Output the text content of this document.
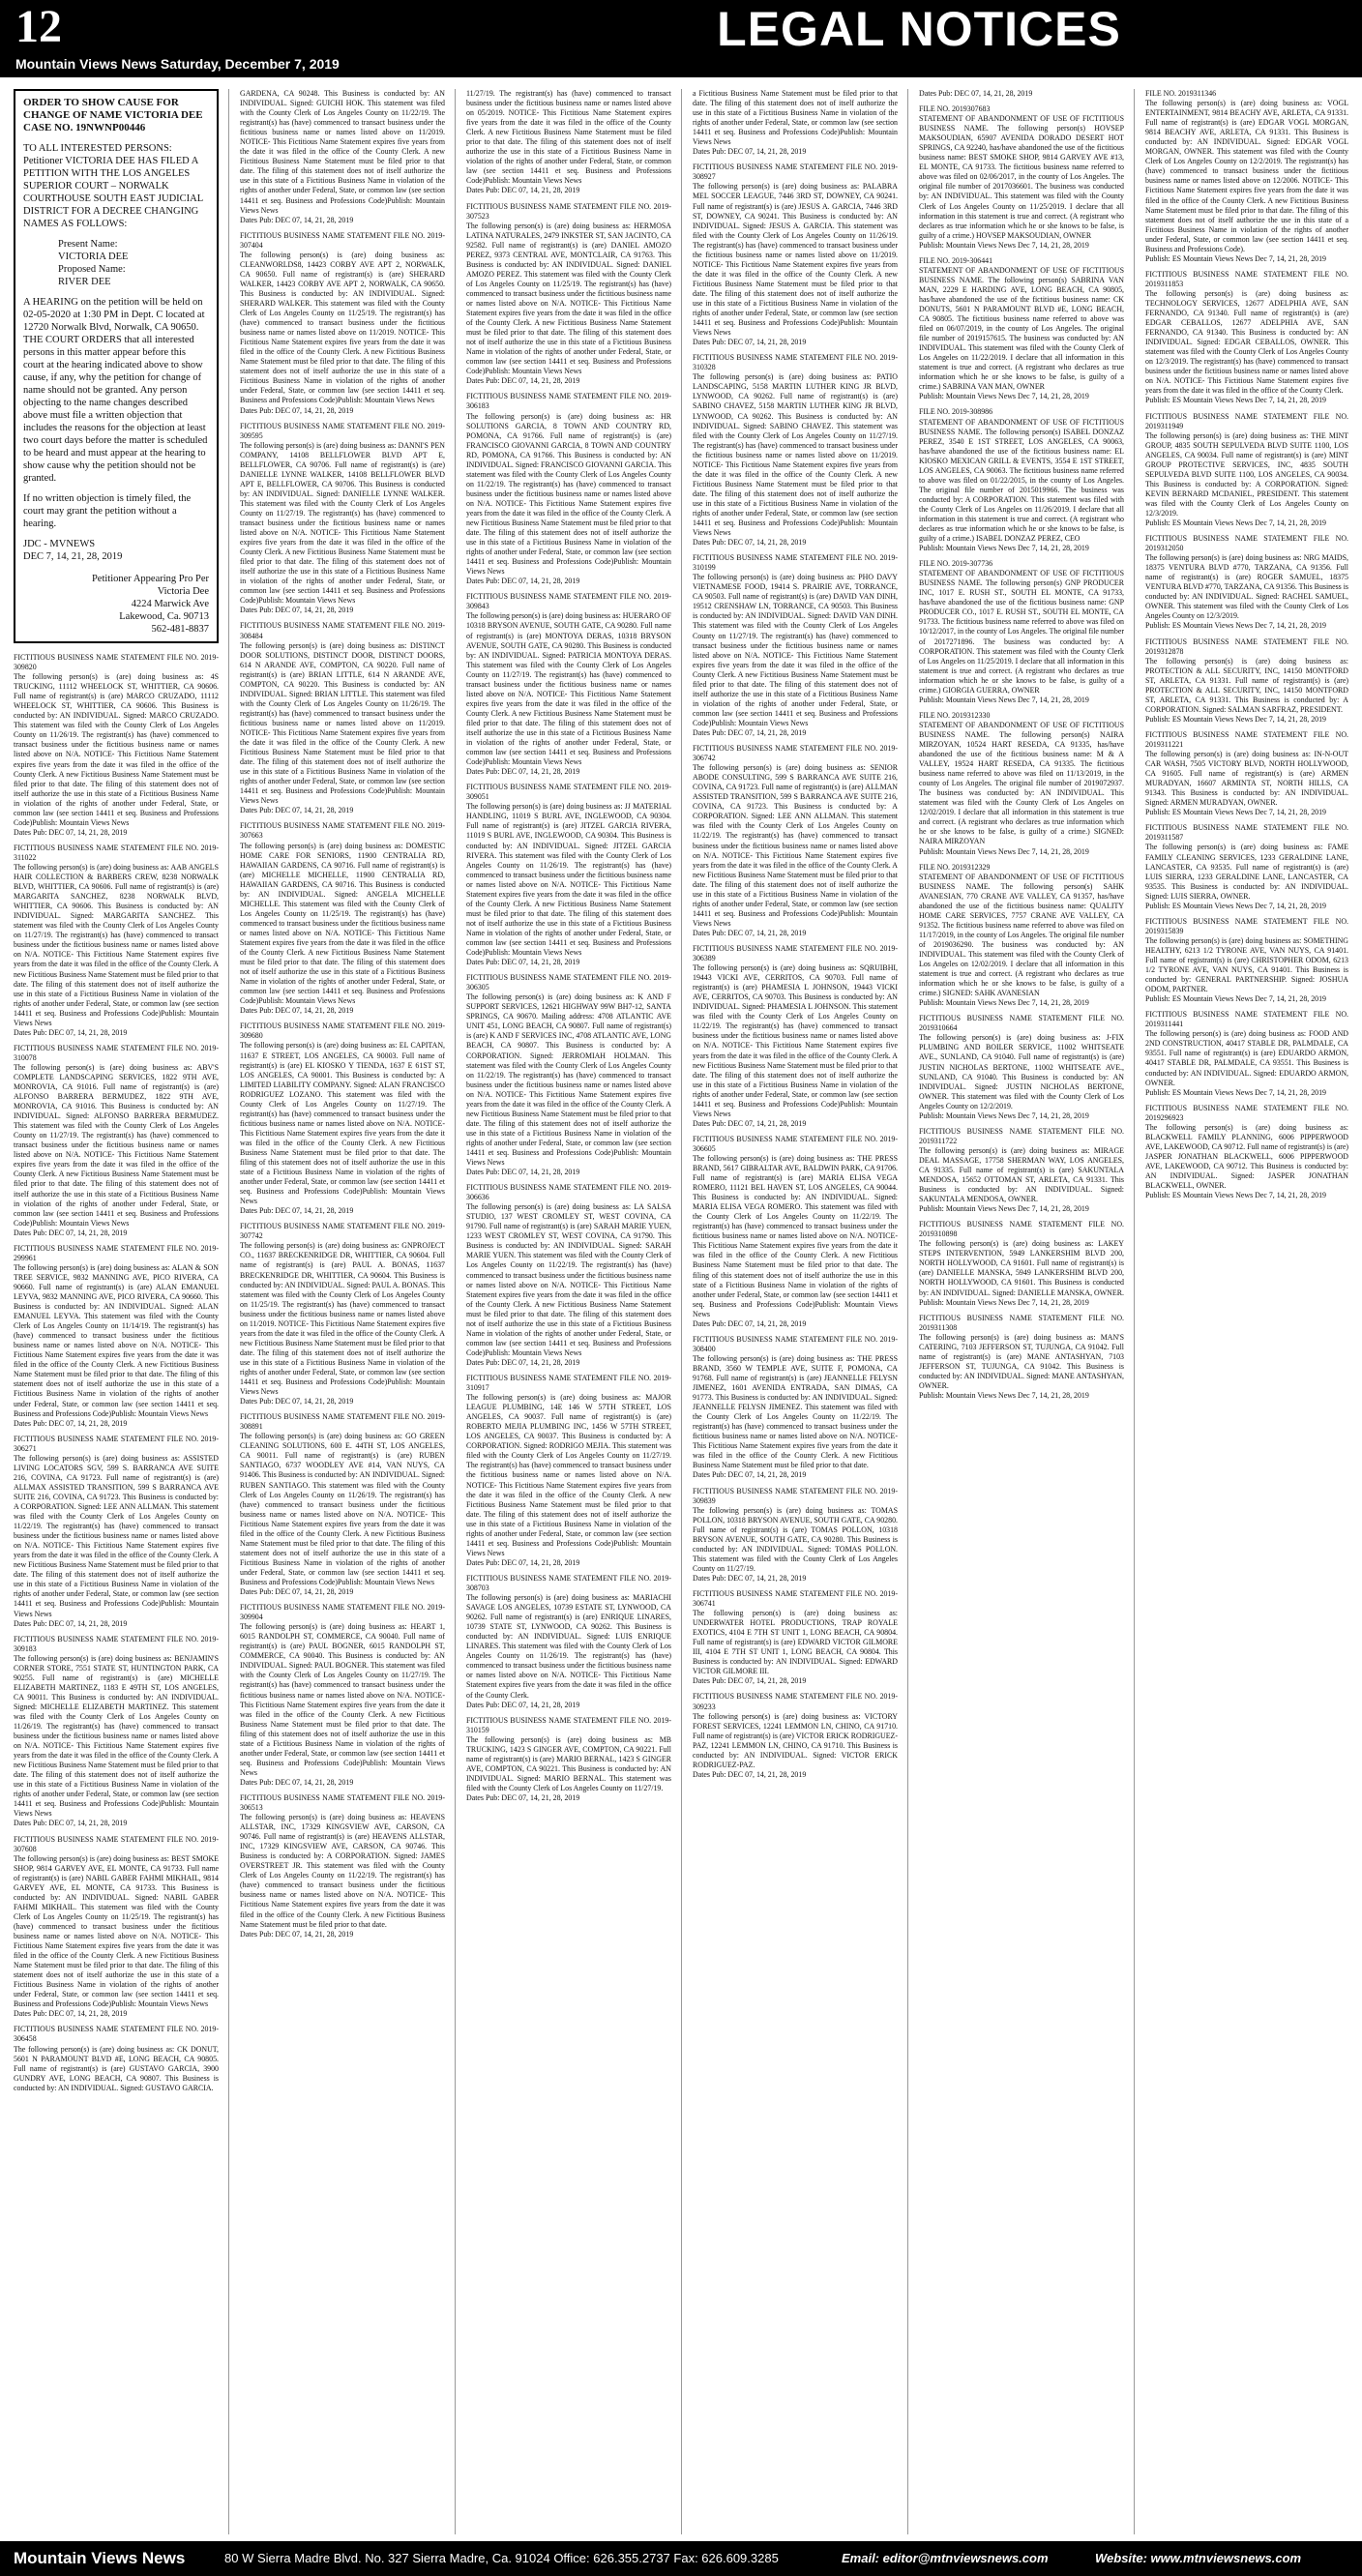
12	LEGAL NOTICES
Mountain Views News Saturday, December 7, 2019
ORDER TO SHOW CAUSE FOR CHANGE OF NAME VICTORIA DEE CASE NO. 19NWNP00446

TO ALL INTERESTED PERSONS: Petitioner VICTORIA DEE HAS FILED A PETITION WITH THE LOS ANGELES SUPERIOR COURT – NORWALK COURTHOUSE SOUTH EAST JUDICIAL DISTRICT FOR A DECREE CHANGING NAMES AS FOLLOWS:

Present Name:
VICTORIA DEE
Proposed Name:
RIVER DEE

A HEARING on the petition will be held on 02-05-2020 at 1:30 PM in Dept. C located at 12720 Norwalk Blvd, Norwalk, CA 90650. THE COURT ORDERS that all interested persons in this matter appear before this court at the hearing indicated above to show cause, if any, why the petition for change of name should not be granted. Any person objecting to the name changes described above must file a written objection that includes the reasons for the objection at least two court days before the matter is scheduled to be heard and must appear at the hearing to show cause why the petition should not be granted.

If no written objection is timely filed, the court may grant the petition without a hearing.

JDC - MVNEWS
DEC 7, 14, 21, 28, 2019
Petitioner Appearing Pro Per
Victoria Dee
4224 Marwick Ave
Lakewood, Ca. 90713
562-481-8837
FICTITIOUS BUSINESS NAME STATEMENT FILE NO. 2019-309820
The following person(s) is (are) doing business as: 4S TRUCKING, 11112 WHEELOCK ST, WHITTIER, CA 90606. Full name of registrant(s) is (are) MARCO CRUZADO, 11112 WHEELOCK ST, WHITTIER, CA 90606. This Business is conducted by: AN INDIVIDUAL. Signed: MARCO CRUZADO. This statement was filed with the County Clerk of Los Angeles County on 11/26/19. The registrant(s) has (have) commenced to transact business under the fictitious business name or names listed above on N/A. NOTICE- This Fictitious Name Statement expires five years from the date it was filed in the office of the County Clerk. A new Fictitious Business Name Statement must be filed prior to that date. The filing of this statement does not of itself authorize the use in this state of a Fictitious Business Name in violation of the rights of another under Federal, State, or common law (see section 14411 et seq. Business and Professions Code)Publish: Mountain Views News
Dates Pub: DEC 07, 14, 21, 28, 2019
FICTITIOUS BUSINESS NAME STATEMENT FILE NO. 2019-311022
The following person(s) is (are) doing business as: AAB ANGELS HAIR COLLECTION & BARBERS CREW, 8238 NORWALK BLVD, WHITTIER, CA 90606. Full name of registrant(s) is (are) MARGARITA SANCHEZ, 8238 NORWALK BLVD, WHITTIER, CA 90606. This Business is conducted by: AN INDIVIDUAL. Signed: MARGARITA SANCHEZ. This statement was filed with the County Clerk of Los Angeles County on 11/27/19. The registrant(s) has (have) commenced to transact business under the fictitious business name or names listed above on N/A. NOTICE- This Fictitious Name Statement expires five years from the date it was filed in the office of the County Clerk. A new Fictitious Business Name Statement must be filed prior to that date. The filing of this statement does not of itself authorize the use in this state of a Fictitious Business Name in violation of the rights of another under Federal, State, or common law (see section 14411 et seq. Business and Professions Code)Publish: Mountain Views News
Dates Pub: DEC 07, 14, 21, 28, 2019
FICTITIOUS BUSINESS NAME STATEMENT FILE NO. 2019-310078
The following person(s) is (are) doing business as: ABV'S COMPLETE LANDSCAPING SERVICES, 1822 9TH AVE, MONROVIA, CA 91016. Full name of registrant(s) is (are) ALFONSO BARRERA BERMUDEZ, 1822 9TH AVE, MONROVIA, CA 91016. This Business is conducted by: AN INDIVIDUAL. Signed: ALFONSO BARRERA BERMUDEZ. This statement was filed with the County Clerk of Los Angeles County on 11/27/19. The registrant(s) has (have) commenced to transact business under the fictitious business name or names listed above on N/A. NOTICE- This Fictitious Name Statement expires five years from the date it was filed in the office of the County Clerk. A new Fictitious Business Name Statement must be filed prior to that date. The filing of this statement does not of itself authorize the use in this state of a Fictitious Business Name in violation of the rights of another under Federal, State, or common law (see section 14411 et seq. Business and Professions Code)Publish: Mountain Views News
Dates Pub: DEC 07, 14, 21, 28, 2019
FICTITIOUS BUSINESS NAME STATEMENT FILE NO. 2019-299961
The following person(s) is (are) doing business as: ALAN & SON TREE SERVICE, 9832 MANNING AVE, PICO RIVERA, CA 90660. Full name of registrant(s) is (are) ALAN EMANUEL LEYVA, 9832 MANNING AVE, PICO RIVERA, CA 90660. This Business is conducted by: AN INDIVIDUAL. Signed: ALAN EMANUEL LEYVA. This statement was filed with the County Clerk of Los Angeles County on 11/14/19. The registrant(s) has (have) commenced to transact business under the fictitious business name or names listed above on N/A. NOTICE- This Fictitious Name Statement expires five years from the date it was filed in the office of the County Clerk. A new Fictitious Business Name Statement must be filed prior to that date. The filing of this statement does not of itself authorize the use in this state of a Fictitious Business Name in violation of the rights of another under Federal, State, or common law (see section 14411 et seq. Business and Professions Code)Publish: Mountain Views News
Dates Pub: DEC 07, 14, 21, 28, 2019
FICTITIOUS BUSINESS NAME STATEMENT FILE NO. 2019-306271
The following person(s) is (are) doing business as: ASSISTED LIVING LOCATORS SGV, 599 S. BARRANCA AVE SUITE 216, COVINA, CA 91723. Full name of registrant(s) is (are) ALLMAX ASSISTED TRANSITION, 599 S BARRANCA AVE SUITE 216, COVINA, CA 91723. This Business is conducted by: A CORPORATION. Signed: LEE ANN ALLMAN. This statement was filed with the County Clerk of Los Angeles County on 11/22/19. The registrant(s) has (have) commenced to transact business under the fictitious business name or names listed above on N/A. NOTICE- This Fictitious Name Statement expires five years from the date it was filed in the office of the County Clerk. A new Fictitious Business Name Statement must be filed prior to that date. The filing of this statement does not of itself authorize the use in this state of a Fictitious Business Name in violation of the rights of another under Federal, State, or common law (see section 14411 et seq. Business and Professions Code)Publish: Mountain Views News
Dates Pub: DEC 07, 14, 21, 28, 2019
FICTITIOUS BUSINESS NAME STATEMENT FILE NO. 2019-309183
The following person(s) is (are) doing business as: BENJAMIN'S CORNER STORE, 7551 STATE ST, HUNTINGTON PARK, CA 90255. Full name of registrant(s) is (are) MICHELLE ELIZABETH MARTINEZ, 1183 E 49TH ST, LOS ANGELES, CA 90011. This Business is conducted by: AN INDIVIDUAL. Signed: MICHELLE ELIZABETH MARTINEZ. This statement was filed with the County Clerk of Los Angeles County on 11/26/19. The registrant(s) has (have) commenced to transact business under the fictitious business name or names listed above on N/A. NOTICE- This Fictitious Name Statement expires five years from the date it was filed in the office of the County Clerk. A new Fictitious Business Name Statement must be filed prior to that date. The filing of this statement does not of itself authorize the use in this state of a Fictitious Business Name in violation of the rights of another under Federal, State, or common law (see section 14411 et seq. Business and Professions Code)Publish: Mountain Views News
Dates Pub: DEC 07, 14, 21, 28, 2019
FICTITIOUS BUSINESS NAME STATEMENT FILE NO. 2019-307608
The following person(s) is (are) doing business as: BEST SMOKE SHOP, 9814 GARVEY AVE, EL MONTE, CA 91733. Full name of registrant(s) is (are) NABIL GABER FAHMI MIKHAIL, 9814 GARVEY AVE, EL MONTE, CA 91733. This Business is conducted by: AN INDIVIDUAL. Signed: NABIL GABER FAHMI MIKHAIL. This statement was filed with the County Clerk of Los Angeles County on 11/25/19. The registrant(s) has (have) commenced to transact business under the fictitious business name or names listed above on N/A. NOTICE- This Fictitious Name Statement expires five years from the date it was filed in the office of the County Clerk. A new Fictitious Business Name Statement must be filed prior to that date. The filing of this statement does not of itself authorize the use in this state of a Fictitious Business Name in violation of the rights of another under Federal, State, or common law (see section 14411 et seq. Business and Professions Code)Publish: Mountain Views News
Dates Pub: DEC 07, 14, 21, 28, 2019
FICTITIOUS BUSINESS NAME STATEMENT FILE NO. 2019-306458
The following person(s) is (are) doing business as: CK DONUT, 5601 N PARAMOUNT BLVD #E, LONG BEACH, CA 90805. Full name of registrant(s) is (are) GUSTAVO GARCIA, 3900 GUNDRY AVE, LONG BEACH, CA 90807. This Business is conducted by: AN INDIVIDUAL. Signed: GUSTAVO GARCIA.
GARDENA, CA 90248. This Business is conducted by: AN INDIVIDUAL. Signed: GUICHI HOK. This statement was filed with the County Clerk of Los Angeles County on 11/22/19. The registrant(s) has (have) commenced to transact business under the fictitious business name or names listed above on 11/2019. NOTICE- This Fictitious Name Statement expires five years from the date it was filed in the office of the County Clerk. A new Fictitious Business Name Statement must be filed prior to that date. The filing of this statement does not of itself authorize the use in this state of a Fictitious Business Name in violation of the rights of another under Federal, State, or common law (see section 14411 et seq. Business and Professions Code)Publish: Mountain Views News
Dates Pub: DEC 07, 14, 21, 28, 2019
FICTITIOUS BUSINESS NAME STATEMENT FILE NO. 2019-307404
The following person(s) is (are) doing business as: CLEANWORLDS8, 14423 CORBY AVE APT 2, NORWALK, CA 90650. Full name of registrant(s) is (are) SHERARD WALKER, 14423 CORBY AVE APT 2, NORWALK, CA 90650. This Business is conducted by: AN INDIVIDUAL. Signed: SHERARD WALKER. This statement was filed with the County Clerk of Los Angeles County on 11/25/19. The registrant(s) has (have) commenced to transact business under the fictitious business name or names listed above on 11/2019. NOTICE- This Fictitious Name Statement expires five years from the date it was filed in the office of the County Clerk. A new Fictitious Business Name Statement must be filed prior to that date. The filing of this statement does not of itself authorize the use in this state of a Fictitious Business Name in violation of the rights of another under Federal, State, or common law (see section 14411 et seq. Business and Professions Code)Publish: Mountain Views News
Dates Pub: DEC 07, 14, 21, 28, 2019
FICTITIOUS BUSINESS NAME STATEMENT FILE NO. 2019-309595
The following person(s) is (are) doing business as: DANNI'S PEN COMPANY, 14108 BELLFLOWER BLVD APT E, BELLFLOWER, CA 90706. Full name of registrant(s) is (are) DANIELLE LYNNE WALKER, 14108 BELLFLOWER BLVD APT E, BELLFLOWER, CA 90706. This Business is conducted by: AN INDIVIDUAL. Signed: DANIELLE LYNNE WALKER. This statement was filed with the County Clerk of Los Angeles County on 11/27/19. The registrant(s) has (have) commenced to transact business under the fictitious business name or names listed above on N/A. NOTICE- This Fictitious Name Statement expires five years from the date it was filed in the office of the County Clerk. A new Fictitious Business Name Statement must be filed prior to that date. The filing of this statement does not of itself authorize the use in this state of a Fictitious Business Name in violation of the rights of another under Federal, State, or common law (see section 14411 et seq. Business and Professions Code)Publish: Mountain Views News
Dates Pub: DEC 07, 14, 21, 28, 2019
FICTITIOUS BUSINESS NAME STATEMENT FILE NO. 2019-308484
The following person(s) is (are) doing business as: DISTINCT DOOR SOLUTIONS, DISTINCT DOOR, DISTINCT DOORS, 614 N ARANDE AVE, COMPTON, CA 90220. Full name of registrant(s) is (are) BRIAN LITTLE, 614 N ARANDE AVE, COMPTON, CA 90220. This Business is conducted by: AN INDIVIDUAL. Signed: BRIAN LITTLE. This statement was filed with the County Clerk of Los Angeles County on 11/26/19. The registrant(s) has (have) commenced to transact business under the fictitious business name or names listed above on 11/2019. NOTICE- This Fictitious Name Statement expires five years from the date it was filed in the office of the County Clerk. A new Fictitious Business Name Statement must be filed prior to that date. The filing of this statement does not of itself authorize the use in this state of a Fictitious Business Name in violation of the rights of another under Federal, State, or common law (see section 14411 et seq. Business and Professions Code)Publish: Mountain Views News
Dates Pub: DEC 07, 14, 21, 28, 2019
FICTITIOUS BUSINESS NAME STATEMENT FILE NO. 2019-307663
The following person(s) is (are) doing business as: DOMESTIC HOME CARE FOR SENIORS, 11900 CENTRALIA RD, HAWAIIAN GARDENS, CA 90716. Full name of registrant(s) is (are) MICHELLE MICHELLE, 11900 CENTRALIA RD, HAWAIIAN GARDENS, CA 90716. This Business is conducted by: AN INDIVIDUAL. Signed: ANGELA MICHELLE MICHELLE. This statement was filed with the County Clerk of Los Angeles County on 11/25/19. The registrant(s) has (have) commenced to transact business under the fictitious business name or names listed above on N/A. NOTICE- This Fictitious Name Statement expires five years from the date it was filed in the office of the County Clerk. A new Fictitious Business Name Statement must be filed prior to that date. The filing of this statement does not of itself authorize the use in this state of a Fictitious Business Name in violation of the rights of another under Federal, State, or common law (see section 14411 et seq. Business and Professions Code)Publish: Mountain Views News
Dates Pub: DEC 07, 14, 21, 28, 2019
FICTITIOUS BUSINESS NAME STATEMENT FILE NO. 2019-309680
The following person(s) is (are) doing business as: EL CAPITAN, 11637 E STREET, LOS ANGELES, CA 90003. Full name of registrant(s) is (are) EL KIOSKO Y TIENDA, 1637 E 61ST ST, LOS ANGELES, CA 90001. This Business is conducted by: A LIMITED LIABILITY COMPANY. Signed: ALAN FRANCISCO RODRIGUEZ LOZANO. This statement was filed with the County Clerk of Los Angeles County on 11/27/19. The registrant(s) has (have) commenced to transact business under the fictitious business name or names listed above on N/A. NOTICE- This Fictitious Name Statement expires five years from the date it was filed in the office of the County Clerk. A new Fictitious Business Name Statement must be filed prior to that date. The filing of this statement does not of itself authorize the use in this state of a Fictitious Business Name in violation of the rights of another under Federal, State, or common law (see section 14411 et seq. Business and Professions Code)Publish: Mountain Views News
Dates Pub: DEC 07, 14, 21, 28, 2019
FICTITIOUS BUSINESS NAME STATEMENT FILE NO. 2019-307742
The following person(s) is (are) doing business as: GNPROJECT CO., 11637 BRECKENRIDGE DR, WHITTIER, CA 90604. Full name of registrant(s) is (are) PAUL A. BONAS, 11637 BRECKENRIDGE DR, WHITTIER, CA 90604. This Business is conducted by: AN INDIVIDUAL. Signed: PAUL A. BONAS. This statement was filed with the County Clerk of Los Angeles County on 11/25/19. The registrant(s) has (have) commenced to transact business under the fictitious business name or names listed above on 11/2019. NOTICE- This Fictitious Name Statement expires five years from the date it was filed in the office of the County Clerk. A new Fictitious Business Name Statement must be filed prior to that date. The filing of this statement does not of itself authorize the use in this state of a Fictitious Business Name in violation of the rights of another under Federal, State, or common law (see section 14411 et seq. Business and Professions Code)Publish: Mountain Views News
Dates Pub: DEC 07, 14, 21, 28, 2019
FICTITIOUS BUSINESS NAME STATEMENT FILE NO. 2019-308891
The following person(s) is (are) doing business as: GO GREEN CLEANING SOLUTIONS, 600 E. 44TH ST, LOS ANGELES, CA 90011. Full name of registrant(s) is (are) RUBEN SANTIAGO, 6737 WOODLEY AVE #14, VAN NUYS, CA 91406. This Business is conducted by: AN INDIVIDUAL. Signed: RUBEN SANTIAGO. This statement was filed with the County Clerk of Los Angeles County on 11/26/19. The registrant(s) has (have) commenced to transact business under the fictitious business name or names listed above on N/A. NOTICE- This Fictitious Name Statement expires five years from the date it was filed in the office of the County Clerk. A new Fictitious Business Name Statement must be filed prior to that date. The filing of this statement does not of itself authorize the use in this state of a Fictitious Business Name in violation of the rights of another under Federal, State, or common law (see section 14411 et seq. Business and Professions Code)Publish: Mountain Views News
Dates Pub: DEC 07, 14, 21, 28, 2019
FICTITIOUS BUSINESS NAME STATEMENT FILE NO. 2019-309904
The following person(s) is (are) doing business as: HEART 1, 6015 RANDOLPH ST, COMMERCE, CA 90040. Full name of registrant(s) is (are) PAUL BOGNER, 6015 RANDOLPH ST, COMMERCE, CA 90040. This Business is conducted by: AN INDIVIDUAL. Signed: PAUL BOGNER. This statement was filed with the County Clerk of Los Angeles County on 11/27/19. The registrant(s) has (have) commenced to transact business under the fictitious business name or names listed above on N/A. NOTICE- This Fictitious Name Statement expires five years from the date it was filed in the office of the County Clerk. A new Fictitious Business Name Statement must be filed prior to that date. The filing of this statement does not of itself authorize the use in this state of a Fictitious Business Name in violation of the rights of another under Federal, State, or common law (see section 14411 et seq. Business and Professions Code)Publish: Mountain Views News
Dates Pub: DEC 07, 14, 21, 28, 2019
FICTITIOUS BUSINESS NAME STATEMENT FILE NO. 2019-306513
The following person(s) is (are) doing business as: HEAVENS ALLSTAR, INC, 17329 KINGSVIEW AVE, CARSON, CA 90746. Full name of registrant(s) is (are) HEAVENS ALLSTAR, INC, 17329 KINGSVIEW AVE, CARSON, CA 90746. This Business is conducted by: A CORPORATION. Signed: JAMES OVERSTREET JR. This statement was filed with the County Clerk of Los Angeles County on 11/22/19. The registrant(s) has (have) commenced to transact business under the fictitious business name or names listed above on N/A. NOTICE- This Fictitious Name Statement expires five years from the date it was filed in the office of the County Clerk. A new Fictitious Business Name Statement must be filed prior to that date.
Dates Pub: DEC 07, 14, 21, 28, 2019
11/27/19. The registrant(s) has (have) commenced to transact business under the fictitious business name or names listed above on 05/2019. NOTICE- This Fictitious Name Statement expires five years from the date it was filed in the office of the County Clerk. A new Fictitious Business Name Statement must be filed prior to that date. The filing of this statement does not of itself authorize the use in this state of a Fictitious Business Name in violation of the rights of another under Federal, State, or common law (see section 14411 et seq. Business and Professions Code)Publish: Mountain Views News
Dates Pub: DEC 07, 14, 21, 28, 2019
FICTITIOUS BUSINESS NAME STATEMENT FILE NO. 2019-307523
The following person(s) is (are) doing business as: HERMOSA LATINA NATURALES, 2479 INKSTER ST, SAN JACINTO, CA 92582. Full name of registrant(s) is (are) DANIEL AMOZO PEREZ, 9373 CENTRAL AVE, MONTCLAIR, CA 91763. This Business is conducted by: AN INDIVIDUAL. Signed: DANIEL AMOZO PEREZ. This statement was filed with the County Clerk of Los Angeles County on 11/25/19. The registrant(s) has (have) commenced to transact business under the fictitious business name or names listed above on N/A. NOTICE- This Fictitious Name Statement expires five years from the date it was filed in the office of the County Clerk. A new Fictitious Business Name Statement must be filed prior to that date. The filing of this statement does not of itself authorize the use in this state of a Fictitious Business Name in violation of the rights of another under Federal, State, or common law (see section 14411 et seq. Business and Professions Code)Publish: Mountain Views News
Dates Pub: DEC 07, 14, 21, 28, 2019
FICTITIOUS BUSINESS NAME STATEMENT FILE NO. 2019-306183
The following person(s) is (are) doing business as: HR SOLUTIONS GARCIA, 8 TOWN AND COUNTRY RD, POMONA, CA 91766. Full name of registrant(s) is (are) FRANCISCO GIOVANNI GARCIA, 8 TOWN AND COUNTRY RD, POMONA, CA 91766. This Business is conducted by: AN INDIVIDUAL. Signed: FRANCISCO GIOVANNI GARCIA. This statement was filed with the County Clerk of Los Angeles County on 11/22/19. The registrant(s) has (have) commenced to transact business under the fictitious business name or names listed above on N/A. NOTICE- This Fictitious Name Statement expires five years from the date it was filed in the office of the County Clerk. A new Fictitious Business Name Statement must be filed prior to that date. The filing of this statement does not of itself authorize the use in this state of a Fictitious Business Name in violation of the rights of another under Federal, State, or common law (see section 14411 et seq. Business and Professions Code)Publish: Mountain Views News
Dates Pub: DEC 07, 14, 21, 28, 2019
FICTITIOUS BUSINESS NAME STATEMENT FILE NO. 2019-309843
The following person(s) is (are) doing business as: HUERARO OF 10318 BRYSON AVENUE, SOUTH GATE, CA 90280. Full name of registrant(s) is (are) MONTOYA DERAS, 10318 BRYSON AVENUE, SOUTH GATE, CA 90280. This Business is conducted by: AN INDIVIDUAL. Signed: PATRICIA MONTOYA DERAS. This statement was filed with the County Clerk of Los Angeles County on 11/27/19. The registrant(s) has (have) commenced to transact business under the fictitious business name or names listed above on N/A. NOTICE- This Fictitious Name Statement expires five years from the date it was filed in the office of the County Clerk. A new Fictitious Business Name Statement must be filed prior to that date. The filing of this statement does not of itself authorize the use in this state of a Fictitious Business Name in violation of the rights of another under Federal, State, or common law (see section 14411 et seq. Business and Professions Code)Publish: Mountain Views News
Dates Pub: DEC 07, 14, 21, 28, 2019
FICTITIOUS BUSINESS NAME STATEMENT FILE NO. 2019-309051
The following person(s) is (are) doing business as: JJ MATERIAL HANDLING, 11019 S BURL AVE, INGLEWOOD, CA 90304. Full name of registrant(s) is (are) JITZEL GARCIA RIVERA, 11019 S BURL AVE, INGLEWOOD, CA 90304. This Business is conducted by: AN INDIVIDUAL. Signed: JITZEL GARCIA RIVERA. This statement was filed with the County Clerk of Los Angeles County on 11/26/19. The registrant(s) has (have) commenced to transact business under the fictitious business name or names listed above on N/A. NOTICE- This Fictitious Name Statement expires five years from the date it was filed in the office of the County Clerk. A new Fictitious Business Name Statement must be filed prior to that date. The filing of this statement does not of itself authorize the use in this state of a Fictitious Business Name in violation of the rights of another under Federal, State, or common law (see section 14411 et seq. Business and Professions Code)Publish: Mountain Views News
Dates Pub: DEC 07, 14, 21, 28, 2019
FICTITIOUS BUSINESS NAME STATEMENT FILE NO. 2019-306305
The following person(s) is (are) doing business as: K AND F SUPPORT SERVICES, 12621 HIGHWAY 99W BH7-12, SANTA SPRINGS, CA 90670. Mailing address: 4708 ATLANTIC AVE UNIT 451, LONG BEACH, CA 90807. Full name of registrant(s) is (are) K AND F SERVICES INC, 4708 ATLANTIC AVE, LONG BEACH, CA 90807. This Business is conducted by: A CORPORATION. Signed: JERROMIAH HOLMAN. This statement was filed with the County Clerk of Los Angeles County on 11/22/19. The registrant(s) has (have) commenced to transact business under the fictitious business name or names listed above on N/A. NOTICE- This Fictitious Name Statement expires five years from the date it was filed in the office of the County Clerk. A new Fictitious Business Name Statement must be filed prior to that date. The filing of this statement does not of itself authorize the use in this state of a Fictitious Business Name in violation of the rights of another under Federal, State, or common law (see section 14411 et seq. Business and Professions Code)Publish: Mountain Views News
Dates Pub: DEC 07, 14, 21, 28, 2019
FICTITIOUS BUSINESS NAME STATEMENT FILE NO. 2019-306636
The following person(s) is (are) doing business as: LA SALSA STUDIO, 137 WEST CROMLEY ST, WEST COVINA, CA 91790. Full name of registrant(s) is (are) SARAH MARIE YUEN, 1233 WEST CROMLEY ST, WEST COVINA, CA 91790. This Business is conducted by: AN INDIVIDUAL. Signed: SARAH MARIE YUEN. This statement was filed with the County Clerk of Los Angeles County on 11/22/19. The registrant(s) has (have) commenced to transact business under the fictitious business name or names listed above on N/A. NOTICE- This Fictitious Name Statement expires five years from the date it was filed in the office of the County Clerk. A new Fictitious Business Name Statement must be filed prior to that date. The filing of this statement does not of itself authorize the use in this state of a Fictitious Business Name in violation of the rights of another under Federal, State, or common law (see section 14411 et seq. Business and Professions Code)Publish: Mountain Views News
Dates Pub: DEC 07, 14, 21, 28, 2019
FICTITIOUS BUSINESS NAME STATEMENT FILE NO. 2019-310917
The following person(s) is (are) doing business as: MAJOR LEAGUE PLUMBING, 14E 146 W 57TH STREET, LOS ANGELES, CA 90037. Full name of registrant(s) is (are) ROBERTO MEJIA PLUMBING INC, 1456 W 57TH STREET, LOS ANGELES, CA 90037. This Business is conducted by: A CORPORATION. Signed: RODRIGO MEJIA. This statement was filed with the County Clerk of Los Angeles County on 11/27/19. The registrant(s) has (have) commenced to transact business under the fictitious business name or names listed above on N/A. NOTICE- This Fictitious Name Statement expires five years from the date it was filed in the office of the County Clerk. A new Fictitious Business Name Statement must be filed prior to that date. The filing of this statement does not of itself authorize the use in this state of a Fictitious Business Name in violation of the rights of another under Federal, State, or common law (see section 14411 et seq. Business and Professions Code)Publish: Mountain Views News
Dates Pub: DEC 07, 14, 21, 28, 2019
FICTITIOUS BUSINESS NAME STATEMENT FILE NO. 2019-308703
The following person(s) is (are) doing business as: MARIACHI SAVAGE LOS ANGELES, 10739 ESTATE ST, LYNWOOD, CA 90262. Full name of registrant(s) is (are) ENRIQUE LINARES, 10739 STATE ST, LYNWOOD, CA 90262. This Business is conducted by: AN INDIVIDUAL. Signed: LUIS ENRIQUE LINARES. This statement was filed with the County Clerk of Los Angeles County on 11/26/19. The registrant(s) has (have) commenced to transact business under the fictitious business name or names listed above on N/A. NOTICE- This Fictitious Name Statement expires five years from the date it was filed in the office of the County Clerk.
Dates Pub: DEC 07, 14, 21, 28, 2019
FICTITIOUS BUSINESS NAME STATEMENT FILE NO. 2019-310159
The following person(s) is (are) doing business as: MB TRUCKING, 1423 S GINGER AVE, COMPTON, CA 90221. Full name of registrant(s) is (are) MARIO BERNAL, 1423 S GINGER AVE, COMPTON, CA 90221. This Business is conducted by: AN INDIVIDUAL. Signed: MARIO BERNAL. This statement was filed with the County Clerk of Los Angeles County on 11/27/19.
Dates Pub: DEC 07, 14, 21, 28, 2019
a Fictitious Business Name Statement must be filed prior to that date. The filing of this statement does not of itself authorize the use in this state of a Fictitious Business Name in violation of the rights of another under Federal, State, or common law (see section 14411 et seq. Business and Professions Code)Publish: Mountain Views News
Dates Pub: DEC 07, 14, 21, 28, 2019
FICTITIOUS BUSINESS NAME STATEMENT FILE NO. 2019-308927
The following person(s) is (are) doing business as: PALABRA MEL SOCCER LEAGUE, 7446 3RD ST, DOWNEY, CA 90241. Full name of registrant(s) is (are) JESUS A. GARCIA, 7446 3RD ST, DOWNEY, CA 90241. This Business is conducted by: AN INDIVIDUAL. Signed: JESUS A. GARCIA. This statement was filed with the County Clerk of Los Angeles County on 11/26/19. The registrant(s) has (have) commenced to transact business under the fictitious business name or names listed above on 11/2019. NOTICE- This Fictitious Name Statement expires five years from the date it was filed in the office of the County Clerk. A new Fictitious Business Name Statement must be filed prior to that date. The filing of this statement does not of itself authorize the use in this state of a Fictitious Business Name in violation of the rights of another under Federal, State, or common law (see section 14411 et seq. Business and Professions Code)Publish: Mountain Views News
Dates Pub: DEC 07, 14, 21, 28, 2019
FICTITIOUS BUSINESS NAME STATEMENT FILE NO. 2019-310328
The following person(s) is (are) doing business as: PATIO LANDSCAPING, 5158 MARTIN LUTHER KING JR BLVD, LYNWOOD, CA 90262. Full name of registrant(s) is (are) SABINO CHAVEZ, 5158 MARTIN LUTHER KING JR BLVD, LYNWOOD, CA 90262. This Business is conducted by: AN INDIVIDUAL. Signed: SABINO CHAVEZ. This statement was filed with the County Clerk of Los Angeles County on 11/27/19. The registrant(s) has (have) commenced to transact business under the fictitious business name or names listed above on 11/2019. NOTICE- This Fictitious Name Statement expires five years from the date it was filed in the office of the County Clerk. A new Fictitious Business Name Statement must be filed prior to that date. The filing of this statement does not of itself authorize the use in this state of a Fictitious Business Name in violation of the rights of another under Federal, State, or common law (see section 14411 et seq. Business and Professions Code)Publish: Mountain Views News
Dates Pub: DEC 07, 14, 21, 28, 2019
FICTITIOUS BUSINESS NAME STATEMENT FILE NO. 2019-310199
The following person(s) is (are) doing business as: PHO DAVY VIETNAMESE FOOD, 19414 S. PRAIRIE AVE, TORRANCE, CA 90503. Full name of registrant(s) is (are) DAVID VAN DINH, 19512 CRENSHAW LN, TORRANCE, CA 90503. This Business is conducted by: AN INDIVIDUAL. Signed: DAVID VAN DINH. This statement was filed with the County Clerk of Los Angeles County on 11/27/19. The registrant(s) has (have) commenced to transact business under the fictitious business name or names listed above on N/A. NOTICE- This Fictitious Name Statement expires five years from the date it was filed in the office of the County Clerk. A new Fictitious Business Name Statement must be filed prior to that date. The filing of this statement does not of itself authorize the use in this state of a Fictitious Business Name in violation of the rights of another under Federal, State, or common law (see section 14411 et seq. Business and Professions Code)Publish: Mountain Views News
Dates Pub: DEC 07, 14, 21, 28, 2019
FICTITIOUS BUSINESS NAME STATEMENT FILE NO. 2019-306742
The following person(s) is (are) doing business as: SENIOR ABODE CONSULTING, 599 S BARRANCA AVE SUITE 216, COVINA, CA 91723. Full name of registrant(s) is (are) ALLMAN ASSISTED TRANSITION, 599 S BARRANCA AVE SUITE 216, COVINA, CA 91723. This Business is conducted by: A CORPORATION. Signed: LEE ANN ALLMAN. This statement was filed with the County Clerk of Los Angeles County on 11/22/19. The registrant(s) has (have) commenced to transact business under the fictitious business name or names listed above on N/A. NOTICE- This Fictitious Name Statement expires five years from the date it was filed in the office of the County Clerk. A new Fictitious Business Name Statement must be filed prior to that date. The filing of this statement does not of itself authorize the use in this state of a Fictitious Business Name in violation of the rights of another under Federal, State, or common law (see section 14411 et seq. Business and Professions Code)Publish: Mountain Views News
Dates Pub: DEC 07, 14, 21, 28, 2019
FICTITIOUS BUSINESS NAME STATEMENT FILE NO. 2019-306389
The following person(s) is (are) doing business as: SQRUIBHI, 19443 VICKI AVE, CERRITOS, CA 90703. Full name of registrant(s) is (are) PHAMESIA L JOHNSON, 19443 VICKI AVE, CERRITOS, CA 90703. This Business is conducted by: AN INDIVIDUAL. Signed: PHAMESIA L JOHNSON. This statement was filed with the County Clerk of Los Angeles County on 11/22/19. The registrant(s) has (have) commenced to transact business under the fictitious business name or names listed above on N/A. NOTICE- This Fictitious Name Statement expires five years from the date it was filed in the office of the County Clerk. A new Fictitious Business Name Statement must be filed prior to that date. The filing of this statement does not of itself authorize the use in this state of a Fictitious Business Name in violation of the rights of another under Federal, State, or common law (see section 14411 et seq. Business and Professions Code)Publish: Mountain Views News
Dates Pub: DEC 07, 14, 21, 28, 2019
FICTITIOUS BUSINESS NAME STATEMENT FILE NO. 2019-306605
The following person(s) is (are) doing business as: THE PRESS BRAND, 5617 GIBRALTAR AVE, BALDWIN PARK, CA 91706. Full name of registrant(s) is (are) MARIA ELISA VEGA ROMERO, 11121 BEL HAVEN ST, LOS ANGELES, CA 90044. This Business is conducted by: AN INDIVIDUAL. Signed: MARIA ELISA VEGA ROMERO. This statement was filed with the County Clerk of Los Angeles County on 11/22/19. The registrant(s) has (have) commenced to transact business under the fictitious business name or names listed above on N/A. NOTICE- This Fictitious Name Statement expires five years from the date it was filed in the office of the County Clerk. A new Fictitious Business Name Statement must be filed prior to that date. The filing of this statement does not of itself authorize the use in this state of a Fictitious Business Name in violation of the rights of another under Federal, State, or common law (see section 14411 et seq. Business and Professions Code)Publish: Mountain Views News
Dates Pub: DEC 07, 14, 21, 28, 2019
FICTITIOUS BUSINESS NAME STATEMENT FILE NO. 2019-308400
The following person(s) is (are) doing business as: THE PRESS BRAND, 3560 W TEMPLE AVE, SUITE F, POMONA, CA 91768. Full name of registrant(s) is (are) JEANNELLE FELYSN JIMENEZ, 1601 AVENIDA ENTRADA, SAN DIMAS, CA 91773. This Business is conducted by: AN INDIVIDUAL. Signed: JEANNELLE FELYSN JIMENEZ. This statement was filed with the County Clerk of Los Angeles County on 11/22/19. The registrant(s) has (have) commenced to transact business under the fictitious business name or names listed above on N/A. NOTICE- This Fictitious Name Statement expires five years from the date it was filed in the office of the County Clerk. A new Fictitious Business Name Statement must be filed prior to that date.
Dates Pub: DEC 07, 14, 21, 28, 2019
FICTITIOUS BUSINESS NAME STATEMENT FILE NO. 2019-309839
The following person(s) is (are) doing business as: TOMAS POLLON, 10318 BRYSON AVENUE, SOUTH GATE, CA 90280. Full name of registrant(s) is (are) TOMAS POLLON, 10318 BRYSON AVENUE, SOUTH GATE, CA 90280. This Business is conducted by: AN INDIVIDUAL. Signed: TOMAS POLLON. This statement was filed with the County Clerk of Los Angeles County on 11/27/19.
Dates Pub: DEC 07, 14, 21, 28, 2019
FICTITIOUS BUSINESS NAME STATEMENT FILE NO. 2019-306741
The following person(s) is (are) doing business as: UNDERWATER HOTEL PRODUCTIONS, TRAP ROYALE EXOTICS, 4104 E 7TH ST UNIT 1, LONG BEACH, CA 90804. Full name of registrant(s) is (are) EDWARD VICTOR GILMORE III, 4104 E 7TH ST UNIT 1, LONG BEACH, CA 90804. This Business is conducted by: AN INDIVIDUAL. Signed: EDWARD VICTOR GILMORE III.
Dates Pub: DEC 07, 14, 21, 28, 2019
FICTITIOUS BUSINESS NAME STATEMENT FILE NO. 2019-309233
The following person(s) is (are) doing business as: VICTORY FOREST SERVICES, 12241 LEMMON LN, CHINO, CA 91710. Full name of registrant(s) is (are) VICTOR ERICK RODRIGUEZ-PAZ, 12241 LEMMON LN, CHINO, CA 91710. This Business is conducted by: AN INDIVIDUAL. Signed: VICTOR ERICK RODRIGUEZ-PAZ.
Dates Pub: DEC 07, 14, 21, 28, 2019
Dates Pub: DEC 07, 14, 21, 28, 2019
FILE NO. 2019307683
STATEMENT OF ABANDONMENT OF USE OF FICTITIOUS BUSINESS NAME. The following person(s) HOVSEP MAKSOUDIAN, 65907 AVENIDA DORADO DESERT HOT SPRINGS, CA 92240, has/have abandoned the use of the fictitious business name: BEST SMOKE SHOP, 9814 GARVEY AVE #13, EL MONTE, CA 91733. The fictitious business name referred to above was filed on 02/06/2017, in the county of Los Angeles. The original file number of 2017036601. The business was conducted by: AN INDIVIDUAL. This statement was filed with the County Clerk of Los Angeles County on 11/25/2019. I declare that all information in this statement is true and correct. (A registrant who declares as true information which he or she knows to be false, is guilty of a crime.) HOVSEP MAKSOUDIAN, OWNER
Publish: Mountain Views News Dec 7, 14, 21, 28, 2019
FILE NO. 2019-306441
STATEMENT OF ABANDONMENT OF USE OF FICTITIOUS BUSINESS NAME. The following person(s) SABRINA VAN MAN, 2229 E HARDING AVE, LONG BEACH, CA 90805, has/have abandoned the use of the fictitious business name: CK DONUTS, 5601 N PARAMOUNT BLVD #E, LONG BEACH, CA 90805. The fictitious business name referred to above was filed on 06/07/2019, in the county of Los Angeles. The original file number of 2019157615. The business was conducted by: AN INDIVIDUAL. This statement was filed with the County Clerk of Los Angeles on 11/22/2019. I declare that all information in this statement is true and correct. (A registrant who declares as true information which he or she knows to be false, is guilty of a crime.) SABRINA VAN MAN, OWNER
Publish: Mountain Views News Dec 7, 14, 21, 28, 2019
FILE NO. 2019-308986
STATEMENT OF ABANDONMENT OF USE OF FICTITIOUS BUSINESS NAME. The following person(s) ISABEL DONZAZ PEREZ, 3540 E 1ST STREET, LOS ANGELES, CA 90063, has/have abandoned the use of the fictitious business name: EL KIOSKO MEXICAN GRILL & EVENTS, 3554 E 1ST STREET, LOS ANGELES, CA 90063. The fictitious business name referred to above was filed on 01/22/2015, in the county of Los Angeles. The original file number of 2015019966. The business was conducted by: A CORPORATION. This statement was filed with the County Clerk of Los Angeles on 11/26/2019. I declare that all information in this statement is true and correct. (A registrant who declares as true information which he or she knows to be false, is guilty of a crime.) ISABEL DONZAZ PEREZ, CEO
Publish: Mountain Views News Dec 7, 14, 21, 28, 2019
FILE NO. 2019-307736
STATEMENT OF ABANDONMENT OF USE OF FICTITIOUS BUSINESS NAME. The following person(s) GNP PRODUCER INC, 1017 E. RUSH ST., SOUTH EL MONTE, CA 91733, has/have abandoned the use of the fictitious business name: GNP PRODUCER CO., 1017 E. RUSH ST., SOUTH EL MONTE, CA 91733. The fictitious business name referred to above was filed on 10/12/2017, in the county of Los Angeles. The original file number of 2017271896. The business was conducted by: A CORPORATION. This statement was filed with the County Clerk of Los Angeles on 11/25/2019. I declare that all information in this statement is true and correct. (A registrant who declares as true information which he or she knows to be false, is guilty of a crime.) GIORGIA GUERRA, OWNER
Publish: Mountain Views News Dec 7, 14, 21, 28, 2019
FILE NO. 2019312330
STATEMENT OF ABANDONMENT OF USE OF FICTITIOUS BUSINESS NAME. The following person(s) NAIRA MIRZOYAN, 10524 HART RESEDA, CA 91335, has/have abandoned the use of the fictitious business name: M & A VALLEY, 19524 HART RESEDA, CA 91335. The fictitious business name referred to above was filed on 11/13/2019, in the county of Los Angeles. The original file number of 2019072937. The business was conducted by: AN INDIVIDUAL. This statement was filed with the County Clerk of Los Angeles on 12/02/2019. I declare that all information in this statement is true and correct. (A registrant who declares as true information which he or she knows to be false, is guilty of a crime.) SIGNED: NAIRA MIRZOYAN
Publish: Mountain Views News Dec 7, 14, 21, 28, 2019
FILE NO. 2019312329
STATEMENT OF ABANDONMENT OF USE OF FICTITIOUS BUSINESS NAME. The following person(s) SAHK AVANESIAN, 770 CRANE AVE VALLEY, CA 91357, has/have abandoned the use of the fictitious business name: QUALITY HOME CARE SERVICES, 7757 CRANE AVE VALLEY, CA 91352. The fictitious business name referred to above was filed on 11/17/2019, in the county of Los Angeles. The original file number of 2019036290. The business was conducted by: AN INDIVIDUAL. This statement was filed with the County Clerk of Los Angeles on 12/02/2019. I declare that all information in this statement is true and correct. (A registrant who declares as true information which he or she knows to be false, is guilty of a crime.) SIGNED: SAHK AVANESIAN
Publish: Mountain Views News Dec 7, 14, 21, 28, 2019
FICTITIOUS BUSINESS NAME STATEMENT FILE NO. 2019310664
The following person(s) is (are) doing business as: J-FIX PLUMBING AND BOILER SERVICE, 11002 WHITSEATE AVE., SUNLAND, CA 91040. Full name of registrant(s) is (are) JUSTIN NICHOLAS BERTONE, 11002 WHITSEATE AVE., SUNLAND, CA 91040. This Business is conducted by: AN INDIVIDUAL. Signed: JUSTIN NICHOLAS BERTONE, OWNER. This statement was filed with the County Clerk of Los Angeles County on 12/2/2019.
Publish: Mountain Views News Dec 7, 14, 21, 28, 2019
FICTITIOUS BUSINESS NAME STATEMENT FILE NO. 2019311722
The following person(s) is (are) doing business as: MIRAGE DEAL MASSAGE, 17758 SHERMAN WAY, LOS ANGELES, CA 91335. Full name of registrant(s) is (are) SAKUNTALA MENDOSA, 15652 OTTOMAN ST, ARLETA, CA 91331. This Business is conducted by: AN INDIVIDUAL. Signed: SAKUNTALA MENDOSA, OWNER.
Publish: Mountain Views News Dec 7, 14, 21, 28, 2019
FICTITIOUS BUSINESS NAME STATEMENT FILE NO. 2019310898
The following person(s) is (are) doing business as: LAKEY STEPS INTERVENTION, 5949 LANKERSHIM BLVD 200, NORTH HOLLYWOOD, CA 91601. Full name of registrant(s) is (are) DANIELLE MANSKA, 5949 LANKERSHIM BLVD 200, NORTH HOLLYWOOD, CA 91601. This Business is conducted by: AN INDIVIDUAL. Signed: DANIELLE MANSKA, OWNER.
Publish: Mountain Views News Dec 7, 14, 21, 28, 2019
FICTITIOUS BUSINESS NAME STATEMENT FILE NO. 2019311308
The following person(s) is (are) doing business as: MAN'S CATERING, 7103 JEFFERSON ST, TUJUNGA, CA 91042. Full name of registrant(s) is (are) MANE ANTASHYAN, 7103 JEFFERSON ST, TUJUNGA, CA 91042. This Business is conducted by: AN INDIVIDUAL. Signed: MANE ANTASHYAN, OWNER.
Publish: Mountain Views News Dec 7, 14, 21, 28, 2019
FILE NO. 2019311346
The following person(s) is (are) doing business as: VOGL ENTERTAINMENT, 9814 BEACHY AVE, ARLETA, CA 91331. Full name of registrant(s) is (are) EDGAR VOGL MORGAN, 9814 BEACHY AVE, ARLETA, CA 91331. This Business is conducted by: AN INDIVIDUAL. Signed: EDGAR VOGL MORGAN, OWNER. This statement was filed with the County Clerk of Los Angeles County on 12/2/2019. The registrant(s) has (have) commenced to transact business under the fictitious business name or names listed above on 12/2006. NOTICE- This Fictitious Name Statement expires five years from the date it was filed in the office of the County Clerk. A new Fictitious Business Name Statement must be filed prior to that date. The filing of this statement does not of itself authorize the use in this state of a Fictitious Business Name in violation of the rights of another under Federal, State, or common law (see section 14411 et seq. Business and Professions Code).
Publish: ES Mountain Views News Dec 7, 14, 21, 28, 2019
FICTITIOUS BUSINESS NAME STATEMENT FILE NO. 2019311853
The following person(s) is (are) doing business as: TECHNOLOGY SERVICES, 12677 ADELPHIA AVE, SAN FERNANDO, CA 91340. Full name of registrant(s) is (are) EDGAR CEBALLOS, 12677 ADELPHIA AVE, SAN FERNANDO, CA 91340. This Business is conducted by: AN INDIVIDUAL. Signed: EDGAR CEBALLOS, OWNER. This statement was filed with the County Clerk of Los Angeles County on 12/3/2019. The registrant(s) has (have) commenced to transact business under the fictitious business name or names listed above on N/A. NOTICE- This Fictitious Name Statement expires five years from the date it was filed in the office of the County Clerk.
Publish: ES Mountain Views News Dec 7, 14, 21, 28, 2019
FICTITIOUS BUSINESS NAME STATEMENT FILE NO. 2019311949
The following person(s) is (are) doing business as: THE MINT GROUP, 4835 SOUTH SEPULVEDA BLVD SUITE 1100, LOS ANGELES, CA 90034. Full name of registrant(s) is (are) MINT GROUP PROTECTIVE SERVICES, INC, 4835 SOUTH SEPULVEDA BLVD SUITE 1100, LOS ANGELES, CA 90034. This Business is conducted by: A CORPORATION. Signed: KEVIN BERNARD MCDANIEL, PRESIDENT. This statement was filed with the County Clerk of Los Angeles County on 12/3/2019.
Publish: ES Mountain Views News Dec 7, 14, 21, 28, 2019
FICTITIOUS BUSINESS NAME STATEMENT FILE NO. 2019312050
The following person(s) is (are) doing business as: NRG MAIDS, 18375 VENTURA BLVD #770, TARZANA, CA 91356. Full name of registrant(s) is (are) ROGER SAMUEL, 18375 VENTURA BLVD #770, TARZANA, CA 91356. This Business is conducted by: AN INDIVIDUAL. Signed: RACHEL SAMUEL, OWNER. This statement was filed with the County Clerk of Los Angeles County on 12/3/2019.
Publish: ES Mountain Views News Dec 7, 14, 21, 28, 2019
FICTITIOUS BUSINESS NAME STATEMENT FILE NO. 2019312878
The following person(s) is (are) doing business as: PROTECTION & ALL SECURITY, INC, 14150 MONTFORD ST, ARLETA, CA 91331. Full name of registrant(s) is (are) PROTECTION & ALL SECURITY, INC, 14150 MONTFORD ST, ARLETA, CA 91331. This Business is conducted by: A CORPORATION. Signed: SALMAN SARFRAZ, PRESIDENT.
Publish: ES Mountain Views News Dec 7, 14, 21, 28, 2019
FICTITIOUS BUSINESS NAME STATEMENT FILE NO. 2019311221
The following person(s) is (are) doing business as: IN-N-OUT CAR WASH, 7505 VICTORY BLVD, NORTH HOLLYWOOD, CA 91605. Full name of registrant(s) is (are) ARMEN MURADYAN, 16607 ARMINTA ST, NORTH HILLS, CA 91343. This Business is conducted by: AN INDIVIDUAL. Signed: ARMEN MURADYAN, OWNER.
Publish: ES Mountain Views News Dec 7, 14, 21, 28, 2019
FICTITIOUS BUSINESS NAME STATEMENT FILE NO. 2019311587
The following person(s) is (are) doing business as: FAME FAMILY CLEANING SERVICES, 1233 GERALDINE LANE, LANCASTER, CA 93535. Full name of registrant(s) is (are) LUIS SIERRA, 1233 GERALDINE LANE, LANCASTER, CA 93535. This Business is conducted by: AN INDIVIDUAL. Signed: LUIS SIERRA, OWNER.
Publish: ES Mountain Views News Dec 7, 14, 21, 28, 2019
FICTITIOUS BUSINESS NAME STATEMENT FILE NO. 2019315839
The following person(s) is (are) doing business as: SOMETHING HEALTHY, 6213 1/2 TYRONE AVE, VAN NUYS, CA 91401. Full name of registrant(s) is (are) CHRISTOPHER ODOM, 6213 1/2 TYRONE AVE, VAN NUYS, CA 91401. This Business is conducted by: GENERAL PARTNERSHIP. Signed: JOSHUA ODOM, PARTNER.
Publish: ES Mountain Views News Dec 7, 14, 21, 28, 2019
FICTITIOUS BUSINESS NAME STATEMENT FILE NO. 2019311441
The following person(s) is (are) doing business as: FOOD AND 2ND CONSTRUCTION, 40417 STABLE DR, PALMDALE, CA 93551. Full name of registrant(s) is (are) EDUARDO ARMON, 40417 STABLE DR, PALMDALE, CA 93551. This Business is conducted by: AN INDIVIDUAL. Signed: EDUARDO ARMON, OWNER.
Publish: ES Mountain Views News Dec 7, 14, 21, 28, 2019
FICTITIOUS BUSINESS NAME STATEMENT FILE NO. 2019296923
The following person(s) is (are) doing business as: BLACKWELL FAMILY PLANNING, 6006 PIPPERWOOD AVE, LAKEWOOD, CA 90712. Full name of registrant(s) is (are) JASPER JONATHAN BLACKWELL, 6006 PIPPERWOOD AVE, LAKEWOOD, CA 90712. This Business is conducted by: AN INDIVIDUAL. Signed: JASPER JONATHAN BLACKWELL, OWNER.
Publish: ES Mountain Views News Dec 7, 14, 21, 28, 2019
Mountain Views News	80 W Sierra Madre Blvd. No. 327 Sierra Madre, Ca. 91024 Office: 626.355.2737 Fax: 626.609.3285	Email: editor@mtnviewsnews.com	Website: www.mtnviewsnews.com
